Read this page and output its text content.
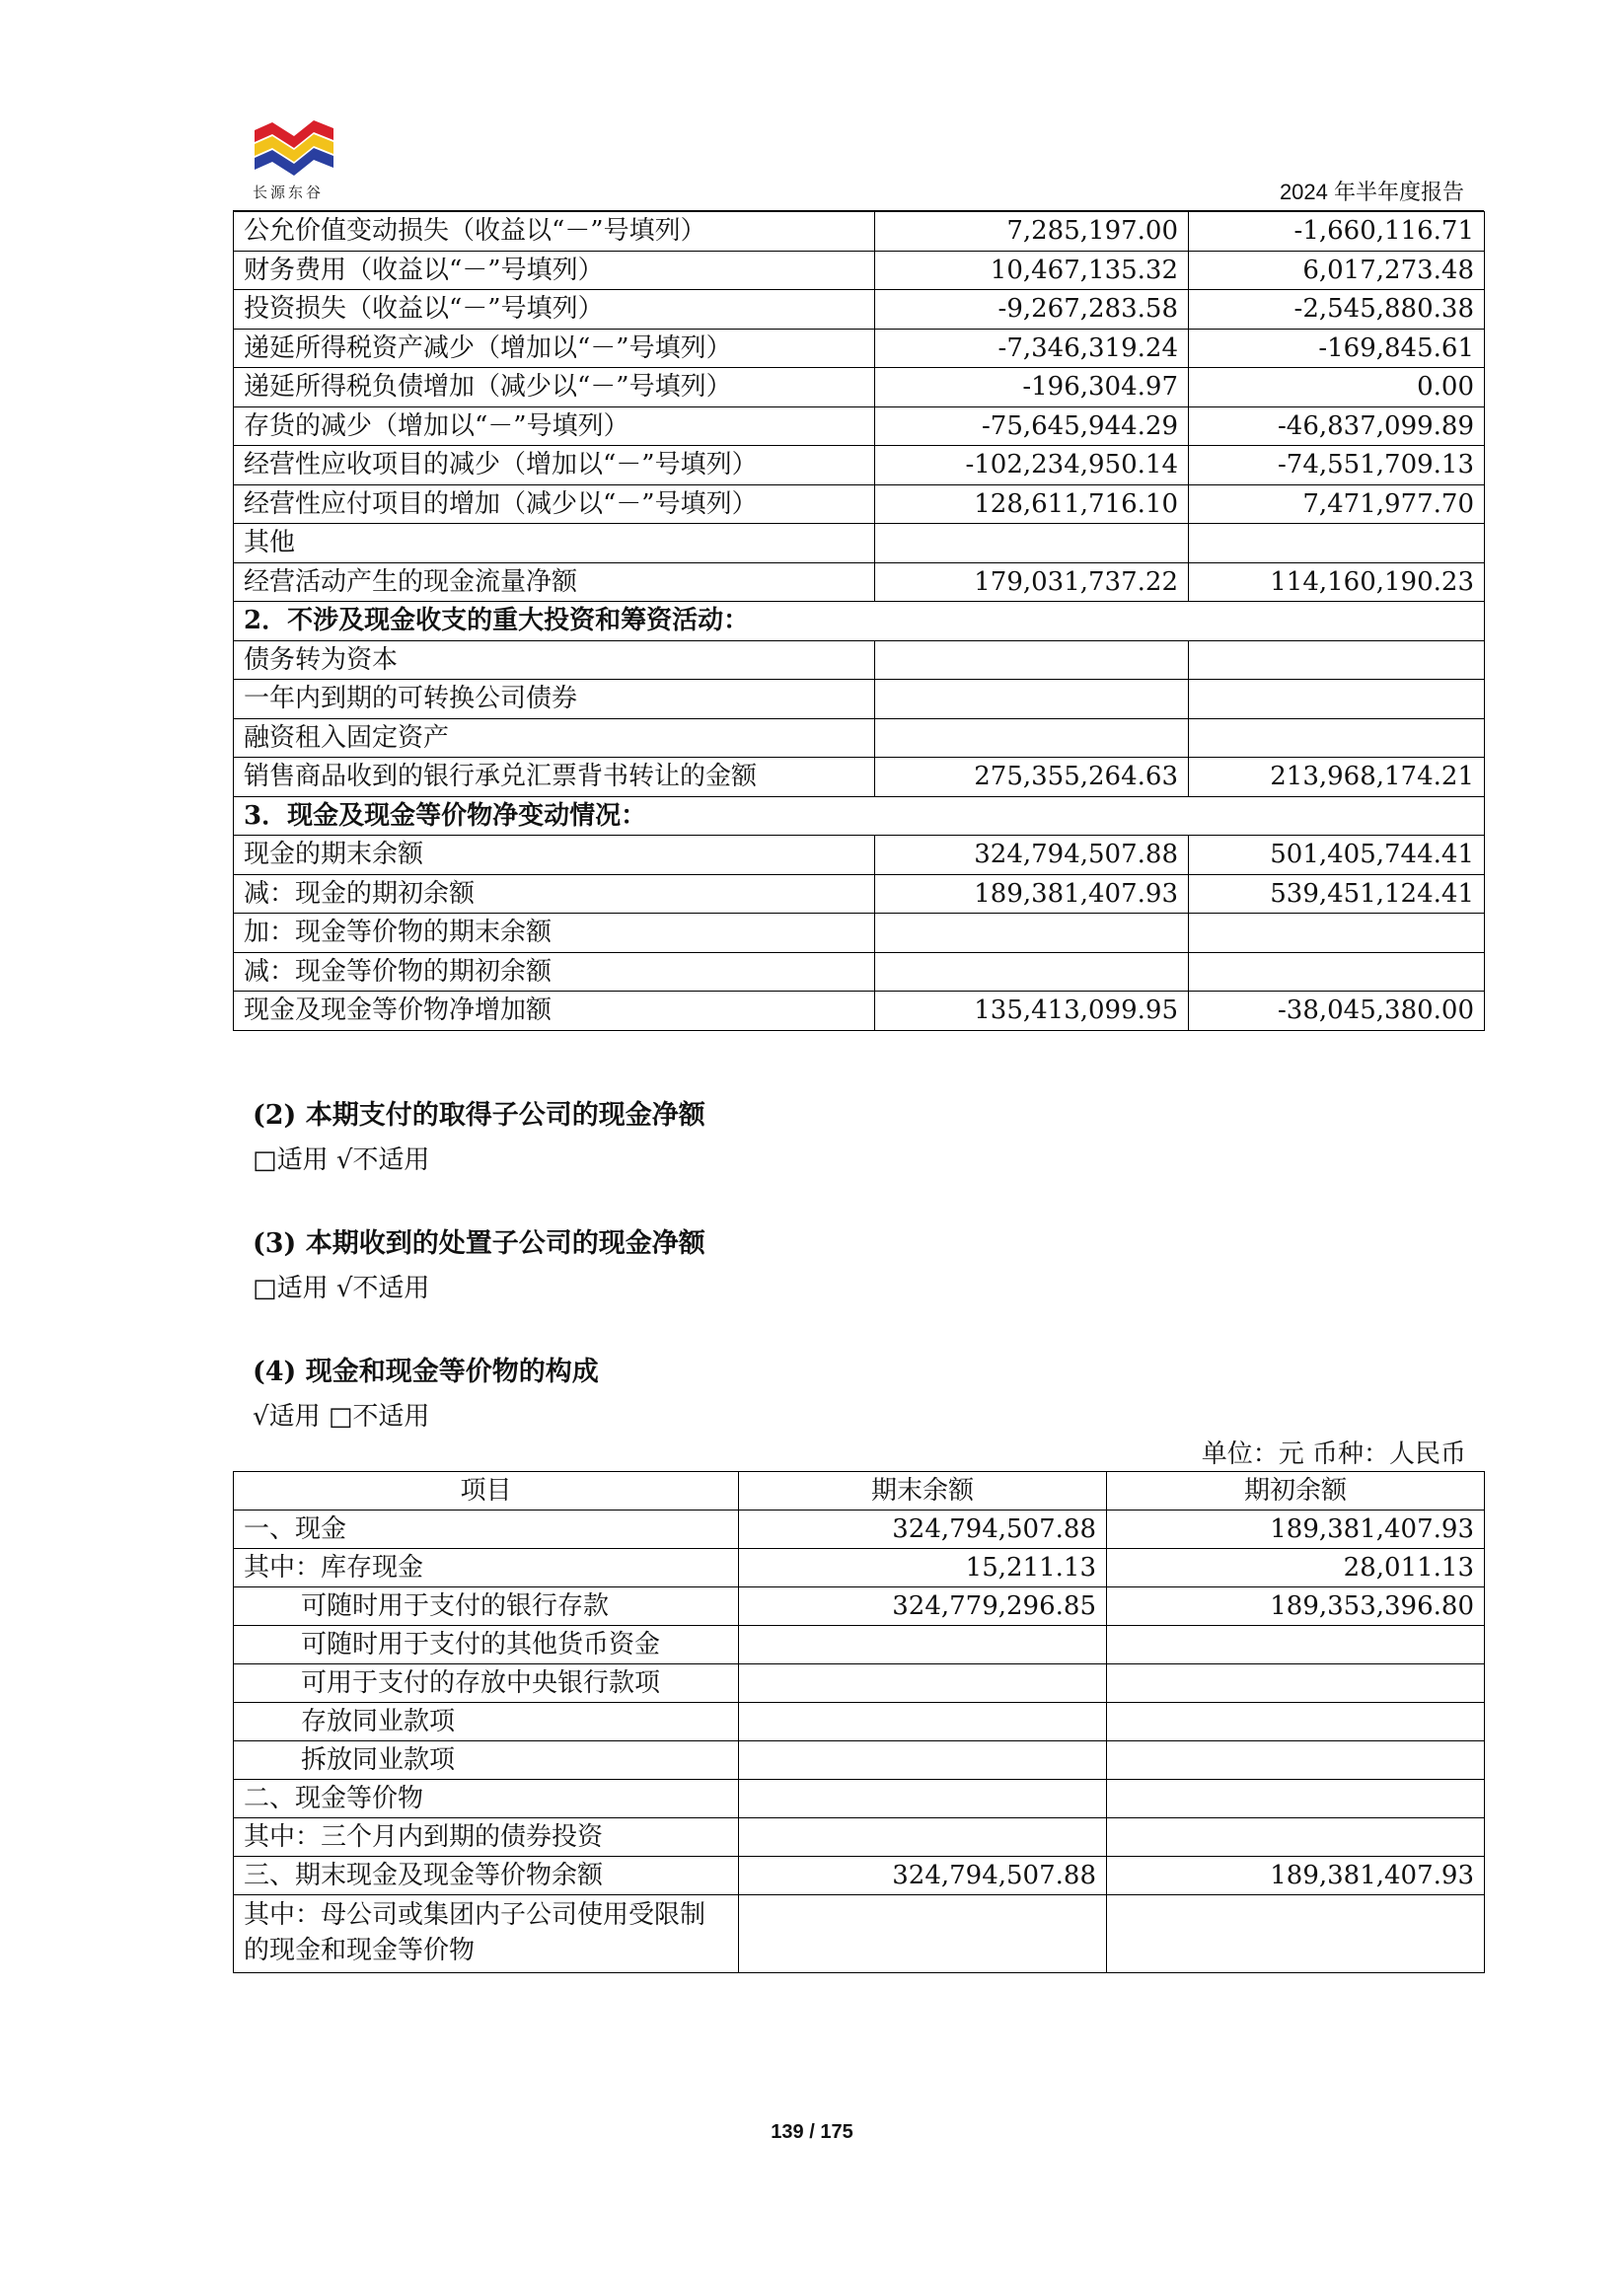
长源东谷	2024 年半年度报告
公允价值变动损失（收益以“－”号填列）	7,285,197.00	-1,660,116.71
财务费用（收益以“－”号填列）	10,467,135.32	6,017,273.48
投资损失（收益以“－”号填列）	-9,267,283.58	-2,545,880.38
递延所得税资产减少（增加以“－”号填列）	-7,346,319.24	-169,845.61
递延所得税负债增加（减少以“－”号填列）	-196,304.97	0.00
存货的减少（增加以“－”号填列）	-75,645,944.29	-46,837,099.89
经营性应收项目的减少（增加以“－”号填列）	-102,234,950.14	-74,551,709.13
经营性应付项目的增加（减少以“－”号填列）	128,611,716.10	7,471,977.70
其他		
经营活动产生的现金流量净额	179,031,737.22	114,160,190.23
2．不涉及现金收支的重大投资和筹资活动：		
债务转为资本		
一年内到期的可转换公司债券		
融资租入固定资产		
销售商品收到的银行承兑汇票背书转让的金额	275,355,264.63	213,968,174.21
3．现金及现金等价物净变动情况：		
现金的期末余额	324,794,507.88	501,405,744.41
减：现金的期初余额	189,381,407.93	539,451,124.41
加：现金等价物的期末余额		
减：现金等价物的期初余额		
现金及现金等价物净增加额	135,413,099.95	-38,045,380.00
(2) 本期支付的取得子公司的现金净额
□适用 √不适用
(3) 本期收到的处置子公司的现金净额
□适用 √不适用
(4) 现金和现金等价物的构成
√适用 □不适用
单位：元 币种：人民币
项目	期末余额	期初余额
一、现金	324,794,507.88	189,381,407.93
其中：库存现金	15,211.13	28,011.13
可随时用于支付的银行存款	324,779,296.85	189,353,396.80
可随时用于支付的其他货币资金		
可用于支付的存放中央银行款项		
存放同业款项		
拆放同业款项		
二、现金等价物		
其中：三个月内到期的债券投资		
三、期末现金及现金等价物余额	324,794,507.88	189,381,407.93
其中：母公司或集团内子公司使用受限制的现金和现金等价物		
139 / 175
